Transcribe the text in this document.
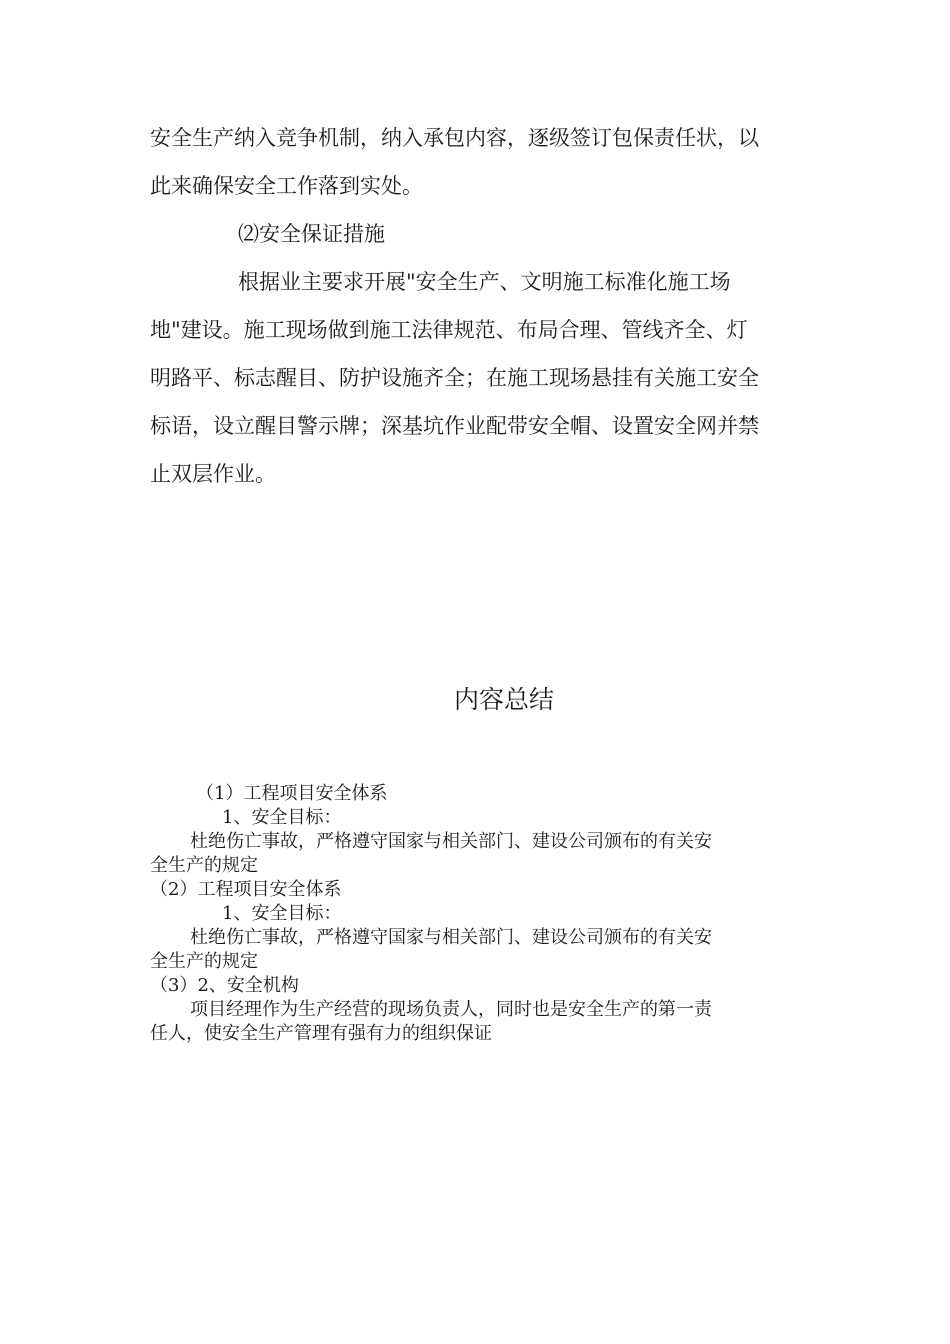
安全生产纳入竞争机制，纳入承包内容，逐级签订包保责任状，以
此来确保安全工作落到实处。

⑵安全保证措施

根据业主要求开展"安全生产、文明施工标准化施工场
地"建设。施工现场做到施工法律规范、布局合理、管线齐全、灯
明路平、标志醒目、防护设施齐全；在施工现场悬挂有关施工安全
标语，设立醒目警示牌；深基坑作业配带安全帽、设置安全网并禁
止双层作业。

内容总结
（1）工程项目安全体系
1、安全目标：
杜绝伤亡事故，严格遵守国家与相关部门、建设公司颁布的有关安
全生产的规定
（2）工程项目安全体系
1、安全目标：
杜绝伤亡事故，严格遵守国家与相关部门、建设公司颁布的有关安
全生产的规定
（3）2、安全机构
项目经理作为生产经营的现场负责人，同时也是安全生产的第一责
任人，使安全生产管理有强有力的组织保证
